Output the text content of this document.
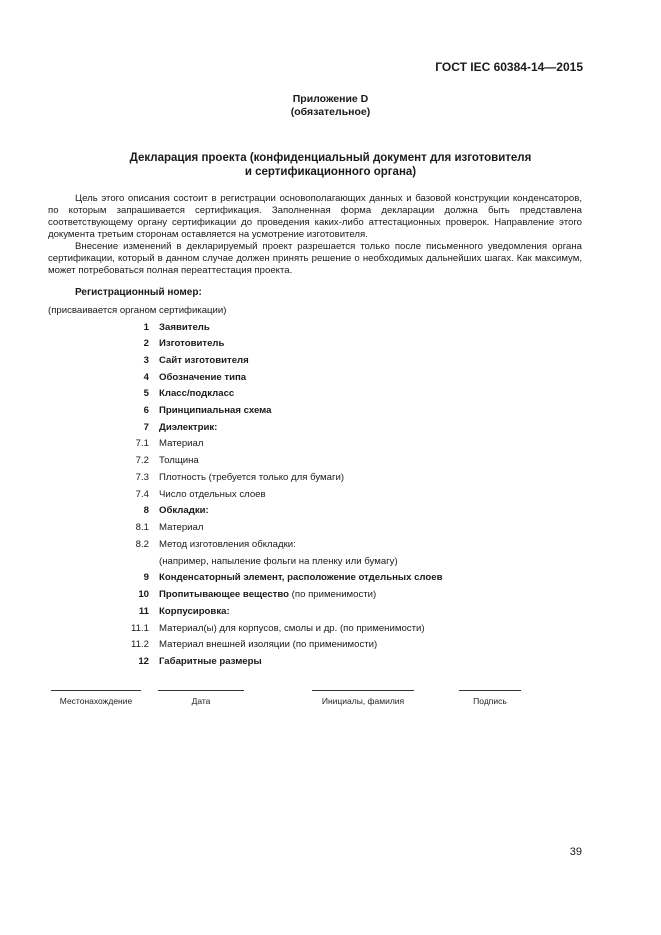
ГОСТ IEC 60384-14—2015
Приложение D
(обязательное)
Декларация проекта (конфиденциальный документ для изготовителя
и сертификационного органа)

Цель этого описания состоит в регистрации основополагающих данных и базовой конструкции конденсаторов, по которым запрашивается сертификация. Заполненная форма декларации должна быть представлена соответствующему органу сертификации до проведения каких-либо аттестационных проверок. Направление этого документа третьим сторонам оставляется на усмотрение изготовителя.

Внесение изменений в декларируемый проект разрешается только после письменного уведомления органа сертификации, который в данном случае должен принять решение о необходимых дальнейших шагах. Как максимум, может потребоваться полная переаттестация проекта.

Регистрационный номер:
(присваивается органом сертификации)
1 Заявитель
2 Изготовитель
3 Сайт изготовителя
4 Обозначение типа
5 Класс/подкласс
6 Принципиальная схема
7 Диэлектрик:
7.1 Материал
7.2 Толщина
7.3 Плотность (требуется только для бумаги)
7.4 Число отдельных слоев
8 Обкладки:
8.1 Материал
8.2 Метод изготовления обкладки:
(например, напыление фольги на пленку или бумагу)
9 Конденсаторный элемент, расположение отдельных слоев
10 Пропитывающее вещество (по применимости)
11 Корпусировка:
11.1 Материал(ы) для корпусов, смолы и др. (по применимости)
11.2 Материал внешней изоляции (по применимости)
12 Габаритные размеры
Местонахождение	Дата	Инициалы, фамилия	Подпись
39
